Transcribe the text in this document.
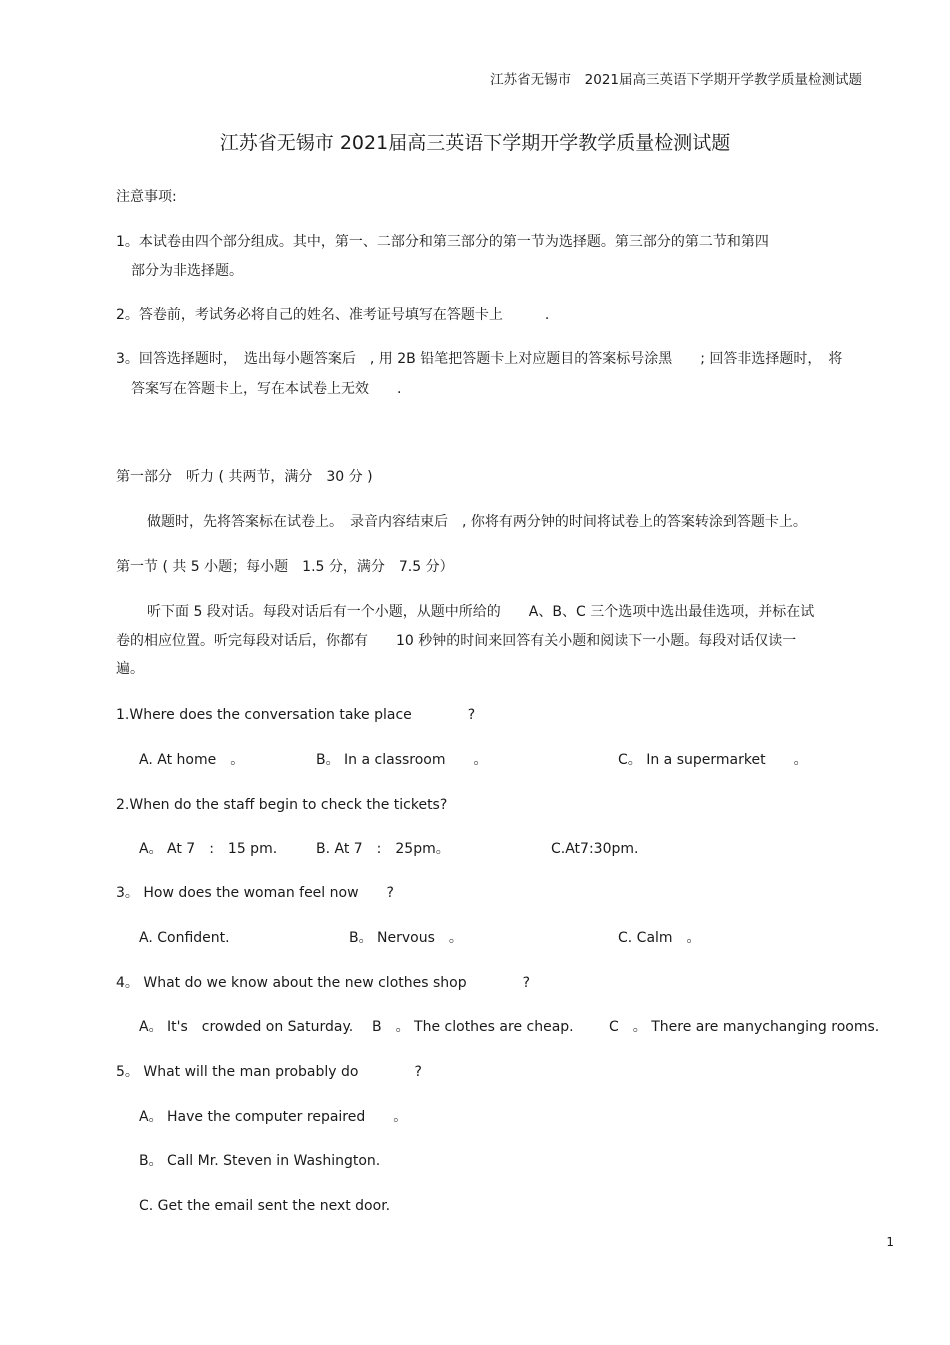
江苏省无锡市　2021届高三英语下学期开学教学质量检测试题
江苏省无锡市 2021届高三英语下学期开学教学质量检测试题
注意事项:
1。本试卷由四个部分组成。其中，第一、二部分和第三部分的第一节为选择题。第三部分的第二节和第四
部分为非选择题。
2。答卷前，考试务必将自己的姓名、准考证号填写在答题卡上　　　.
3。回答选择题时，　选出每小题答案后　, 用 2B 铅笔把答题卡上对应题目的答案标号涂黑　　; 回答非选择题时，　将
答案写在答题卡上，写在本试卷上无效　　.
第一部分　听力 ( 共两节，满分　30 分 )
做题时，先将答案标在试卷上。　录音内容结束后　, 你将有两分钟的时间将试卷上的答案转涂到答题卡上。
第一节 ( 共 5 小题；每小题　1.5 分，满分　7.5 分）
听下面 5 段对话。每段对话后有一个小题，从题中所给的　　A、B、C 三个选项中选出最佳选项，并标在试
卷的相应位置。听完每段对话后，你都有　　10 秒钟的时间来回答有关小题和阅读下一小题。每段对话仅读一
遍。
1.Where does the conversation take place　　　　?
A. At home　。	B。 In a classroom　　。	C。 In a supermarket　　。
2.When do the staff begin to check the tickets?
A。 At 7　:　15 pm.	B. At 7　:　25pm。	C.At7:30pm.
3。 How does the woman feel now　　?
A. Confident.	B。 Nervous　。	C. Calm　。
4。 What do we know about the new clothes shop　　　　?
A。 It's　crowded on Saturday. B　。 The clothes are cheap.	C　。 There are manychanging rooms.
5。 What will the man probably do　　　　?
A。 Have the computer repaired　　。
B。 Call Mr. Steven in Washington.
C. Get the email sent the next door.
1
